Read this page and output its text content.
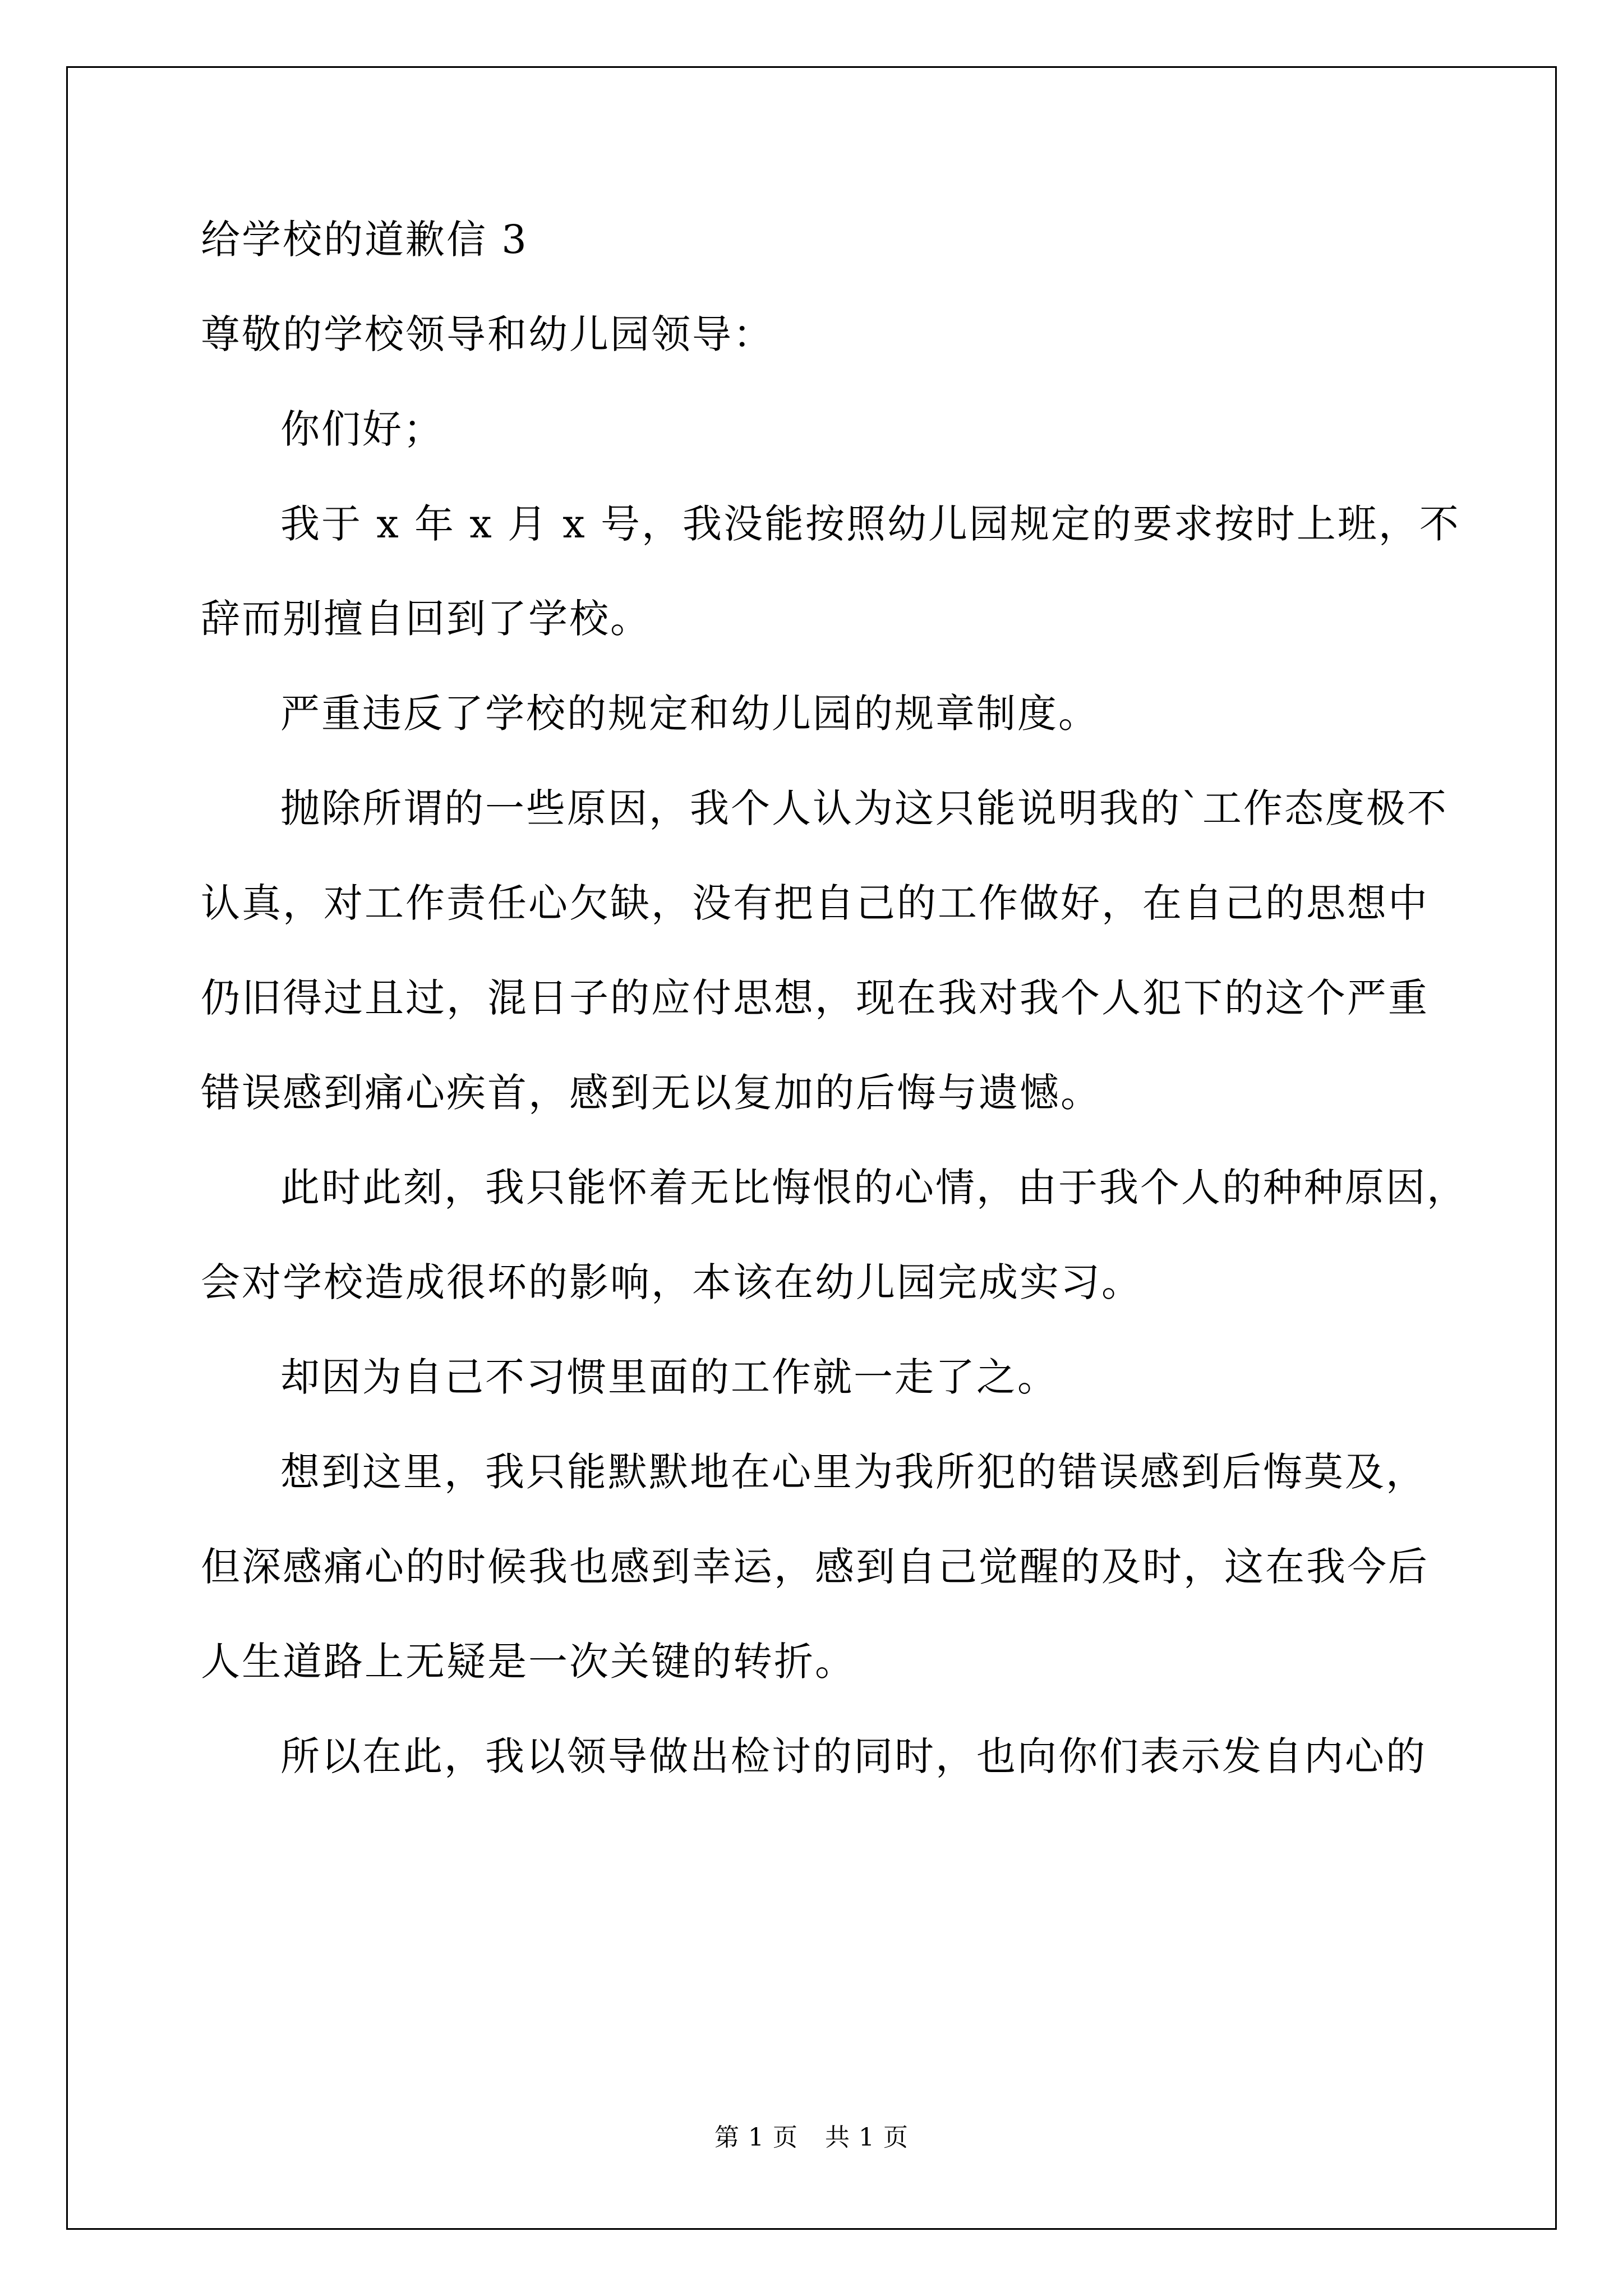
给学校的道歉信 3
尊敬的学校领导和幼儿园领导：
你们好；
我于 x 年 x 月 x 号，我没能按照幼儿园规定的要求按时上班，不
辞而别擅自回到了学校。
严重违反了学校的规定和幼儿园的规章制度。
抛除所谓的一些原因，我个人认为这只能说明我的`工作态度极不
认真，对工作责任心欠缺，没有把自己的工作做好，在自己的思想中
仍旧得过且过，混日子的应付思想，现在我对我个人犯下的这个严重
错误感到痛心疾首，感到无以复加的后悔与遗憾。
此时此刻，我只能怀着无比悔恨的心情，由于我个人的种种原因，
会对学校造成很坏的影响，本该在幼儿园完成实习。
却因为自己不习惯里面的工作就一走了之。
想到这里，我只能默默地在心里为我所犯的错误感到后悔莫及，
但深感痛心的时候我也感到幸运，感到自己觉醒的及时，这在我今后
人生道路上无疑是一次关键的转折。
所以在此，我以领导做出检讨的同时，也向你们表示发自内心的
第 1 页 共 1 页
